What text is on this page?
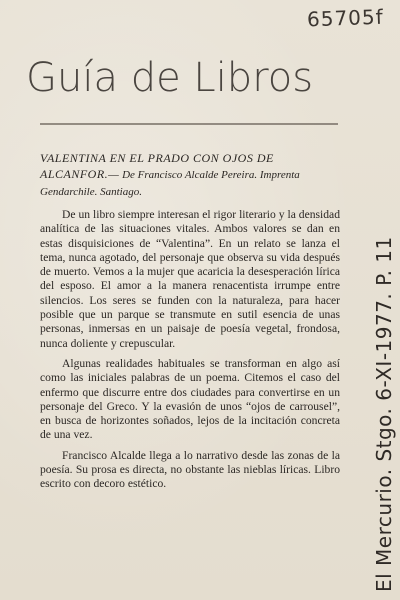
65705f
Guía de Libros

VALENTINA EN EL PRADO CON OJOS DE ALCANFOR.— De Francisco Alcalde Pereira. Imprenta Gendarchile. Santiago.

De un libro siempre interesan el rigor literario y la densidad analítica de las situaciones vitales. Ambos valores se dan en estas disquisiciones de “Valentina”. En un relato se lanza el tema, nunca agotado, del personaje que observa su vida después de muerto. Vemos a la mujer que acaricia la desesperación lírica del esposo. El amor a la manera renacentista irrumpe entre silencios. Los seres se funden con la naturaleza, para hacer posible que un parque se transmute en sutil esencia de unas personas, inmersas en un paisaje de poesía vegetal, frondosa, nunca doliente y crepuscular.

Algunas realidades habituales se transforman en algo así como las iniciales palabras de un poema. Citemos el caso del enfermo que discurre entre dos ciudades para convertirse en un personaje del Greco. Y la evasión de unos “ojos de carrousel”, en busca de horizontes soñados, lejos de la incitación concreta de una vez.

Francisco Alcalde llega a lo narrativo desde las zonas de la poesía. Su prosa es directa, no obstante las nieblas líricas. Libro escrito con decoro estético.	El Mercurio. Stgo. 6-XI-1977. P. 11
